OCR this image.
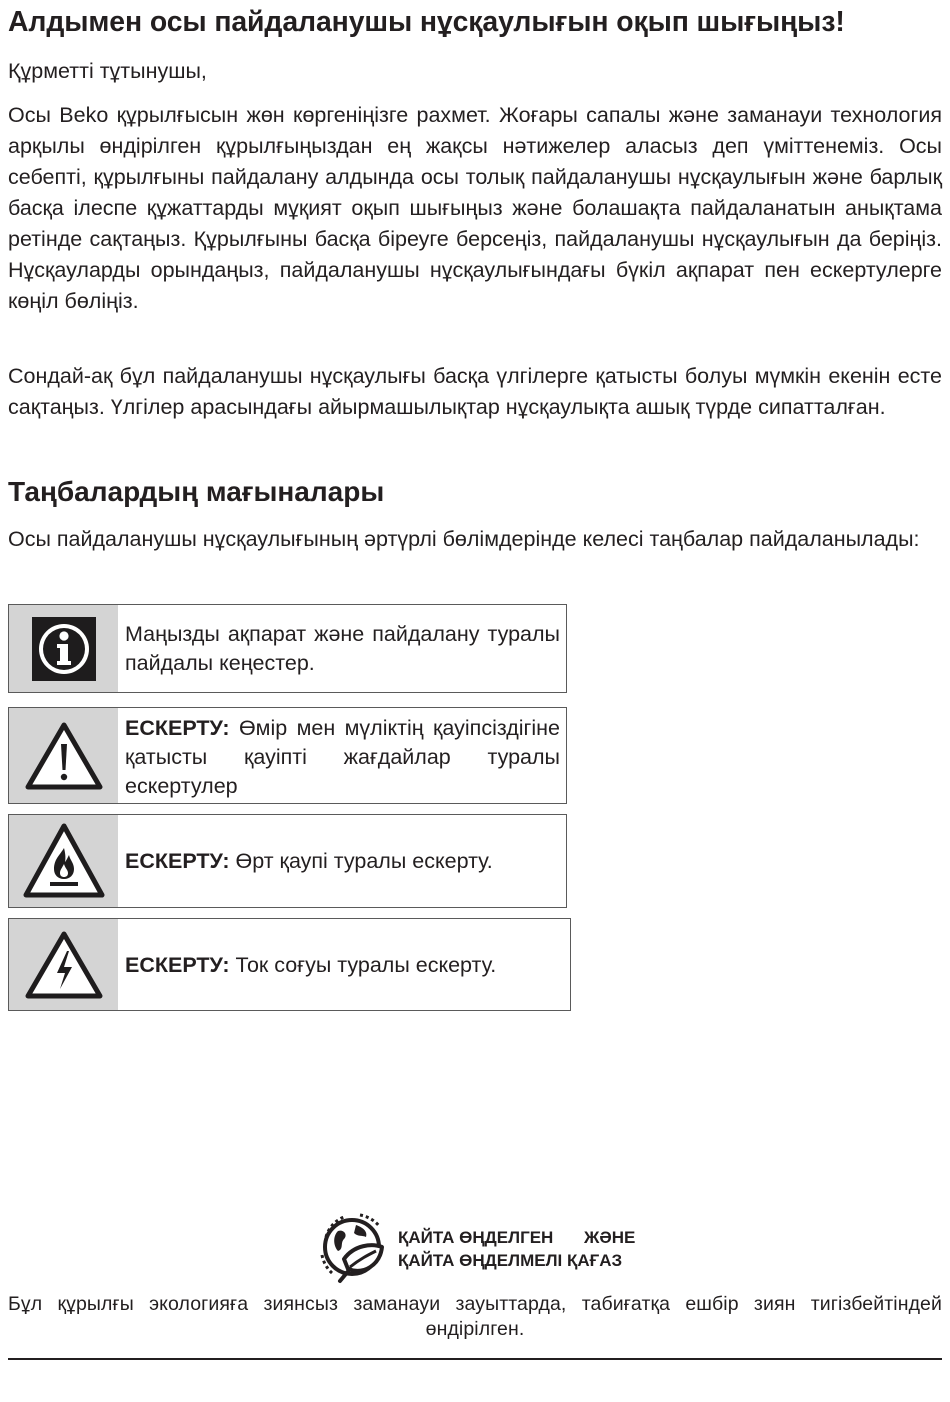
Алдымен осы пайдаланушы нұсқаулығын оқып шығыңыз!

Құрметті тұтынушы,

Осы Beko құрылғысын жөн көргеніңізге рахмет. Жоғары сапалы және заманауи технология арқылы өндірілген құрылғыңыздан ең жақсы нәтижелер аласыз деп үміттенеміз. Осы себепті, құрылғыны пайдалану алдында осы толық пайдаланушы нұсқаулығын және барлық басқа ілеспе құжаттарды мұқият оқып шығыңыз және болашақта пайдаланатын анықтама ретінде сақтаңыз. Құрылғыны басқа біреуге берсеңіз, пайдаланушы нұсқаулығын да беріңіз. Нұсқауларды орындаңыз, пайдаланушы нұсқаулығындағы бүкіл ақпарат пен ескертулерге көңіл бөліңіз.

Сондай-ақ бұл пайдаланушы нұсқаулығы басқа үлгілерге қатысты болуы мүмкін екенін есте сақтаңыз. Үлгілер арасындағы айырмашылықтар нұсқаулықта ашық түрде сипатталған.

Таңбалардың мағыналары

Осы пайдаланушы нұсқаулығының әртүрлі бөлімдерінде келесі таңбалар пайдаланылады:

Маңызды ақпарат және пайдалану туралы пайдалы кеңестер.
ЕСКЕРТУ: Өмір мен мүліктің қауіпсіздігіне қатысты қауіпті жағдайлар туралы ескертулер
ЕСКЕРТУ: Өрт қаупі туралы ескерту.
ЕСКЕРТУ: Ток соғуы туралы ескерту.
ҚАЙТА ӨҢДЕЛГЕН ЖӘНЕ
ҚАЙТА ӨҢДЕЛМЕЛІ ҚАҒАЗ
Бұл құрылғы экологияға зиянсыз заманауи зауыттарда, табиғатқа ешбір зиян тигізбейтіндей өндірілген.
